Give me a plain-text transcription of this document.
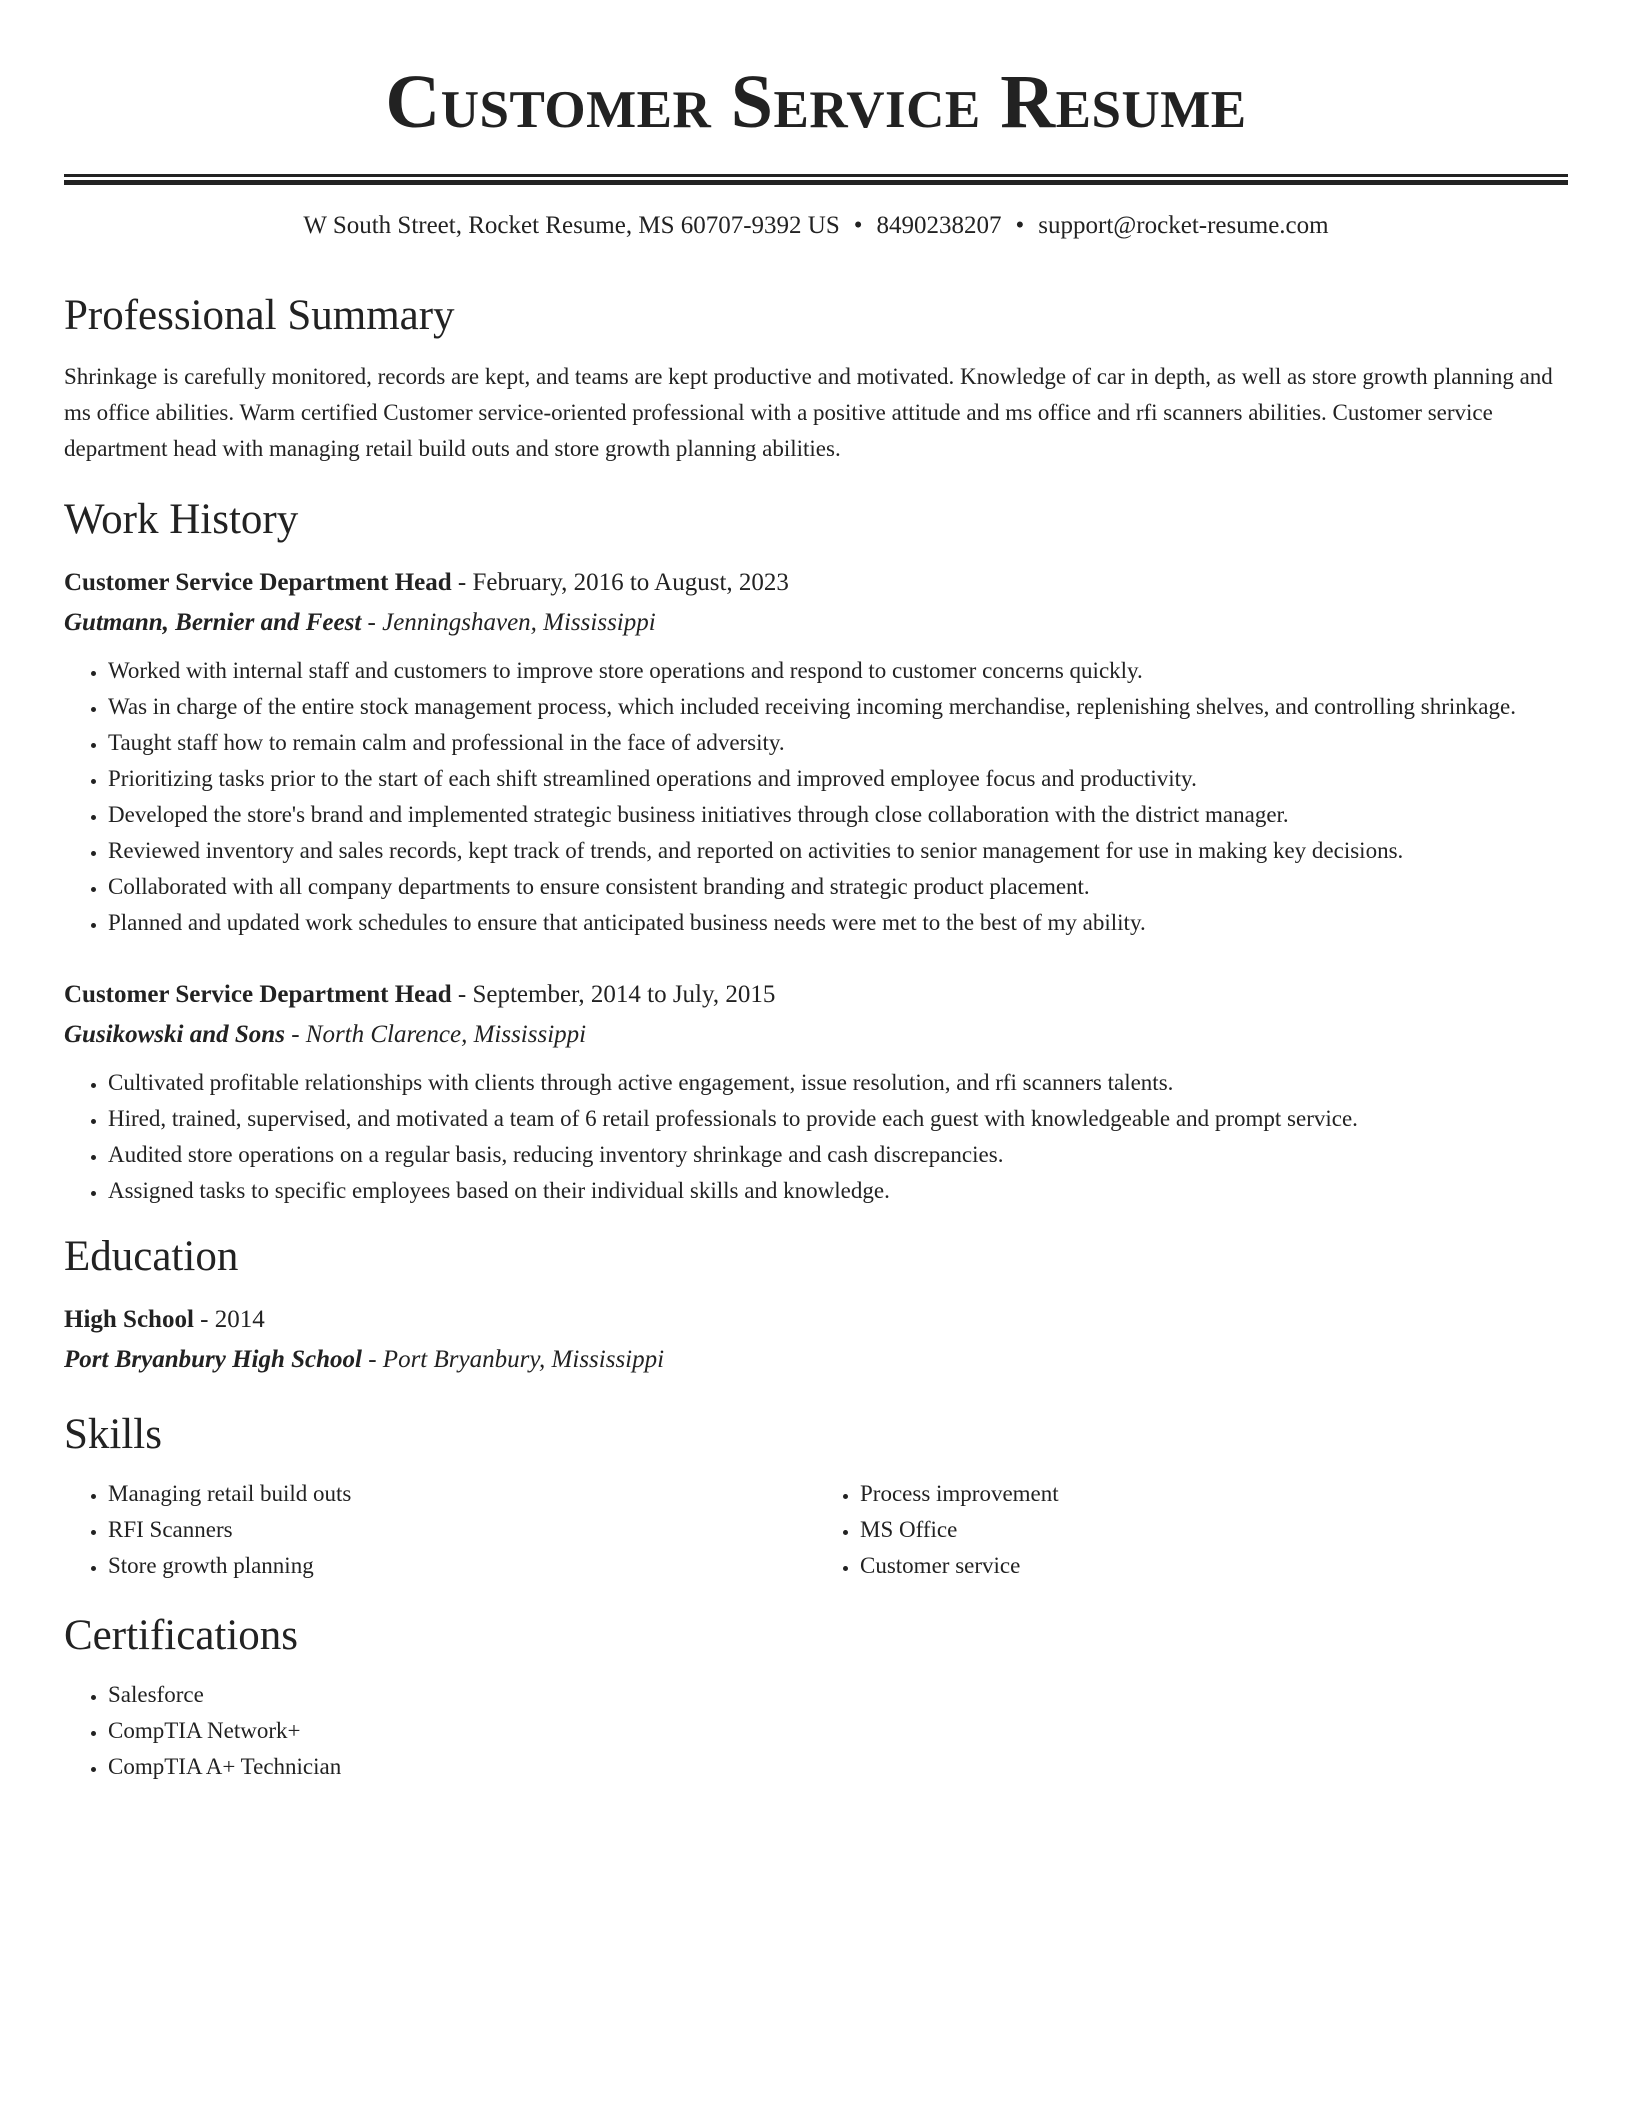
Customer Service Resume
W South Street, Rocket Resume, MS 60707-9392 US • 8490238207 • support@rocket-resume.com
Professional Summary
Shrinkage is carefully monitored, records are kept, and teams are kept productive and motivated. Knowledge of car in depth, as well as store growth planning and ms office abilities. Warm certified Customer service-oriented professional with a positive attitude and ms office and rfi scanners abilities. Customer service department head with managing retail build outs and store growth planning abilities.
Work History
Customer Service Department Head - February, 2016 to August, 2023
Gutmann, Bernier and Feest - Jenningshaven, Mississippi
• Worked with internal staff and customers to improve store operations and respond to customer concerns quickly.
• Was in charge of the entire stock management process, which included receiving incoming merchandise, replenishing shelves, and controlling shrinkage.
• Taught staff how to remain calm and professional in the face of adversity.
• Prioritizing tasks prior to the start of each shift streamlined operations and improved employee focus and productivity.
• Developed the store's brand and implemented strategic business initiatives through close collaboration with the district manager.
• Reviewed inventory and sales records, kept track of trends, and reported on activities to senior management for use in making key decisions.
• Collaborated with all company departments to ensure consistent branding and strategic product placement.
• Planned and updated work schedules to ensure that anticipated business needs were met to the best of my ability.
Customer Service Department Head - September, 2014 to July, 2015
Gusikowski and Sons - North Clarence, Mississippi
• Cultivated profitable relationships with clients through active engagement, issue resolution, and rfi scanners talents.
• Hired, trained, supervised, and motivated a team of 6 retail professionals to provide each guest with knowledgeable and prompt service.
• Audited store operations on a regular basis, reducing inventory shrinkage and cash discrepancies.
• Assigned tasks to specific employees based on their individual skills and knowledge.
Education
High School - 2014
Port Bryanbury High School - Port Bryanbury, Mississippi
Skills
• Managing retail build outs
• RFI Scanners
• Store growth planning
• Process improvement
• MS Office
• Customer service
Certifications
• Salesforce
• CompTIA Network+
• CompTIA A+ Technician
